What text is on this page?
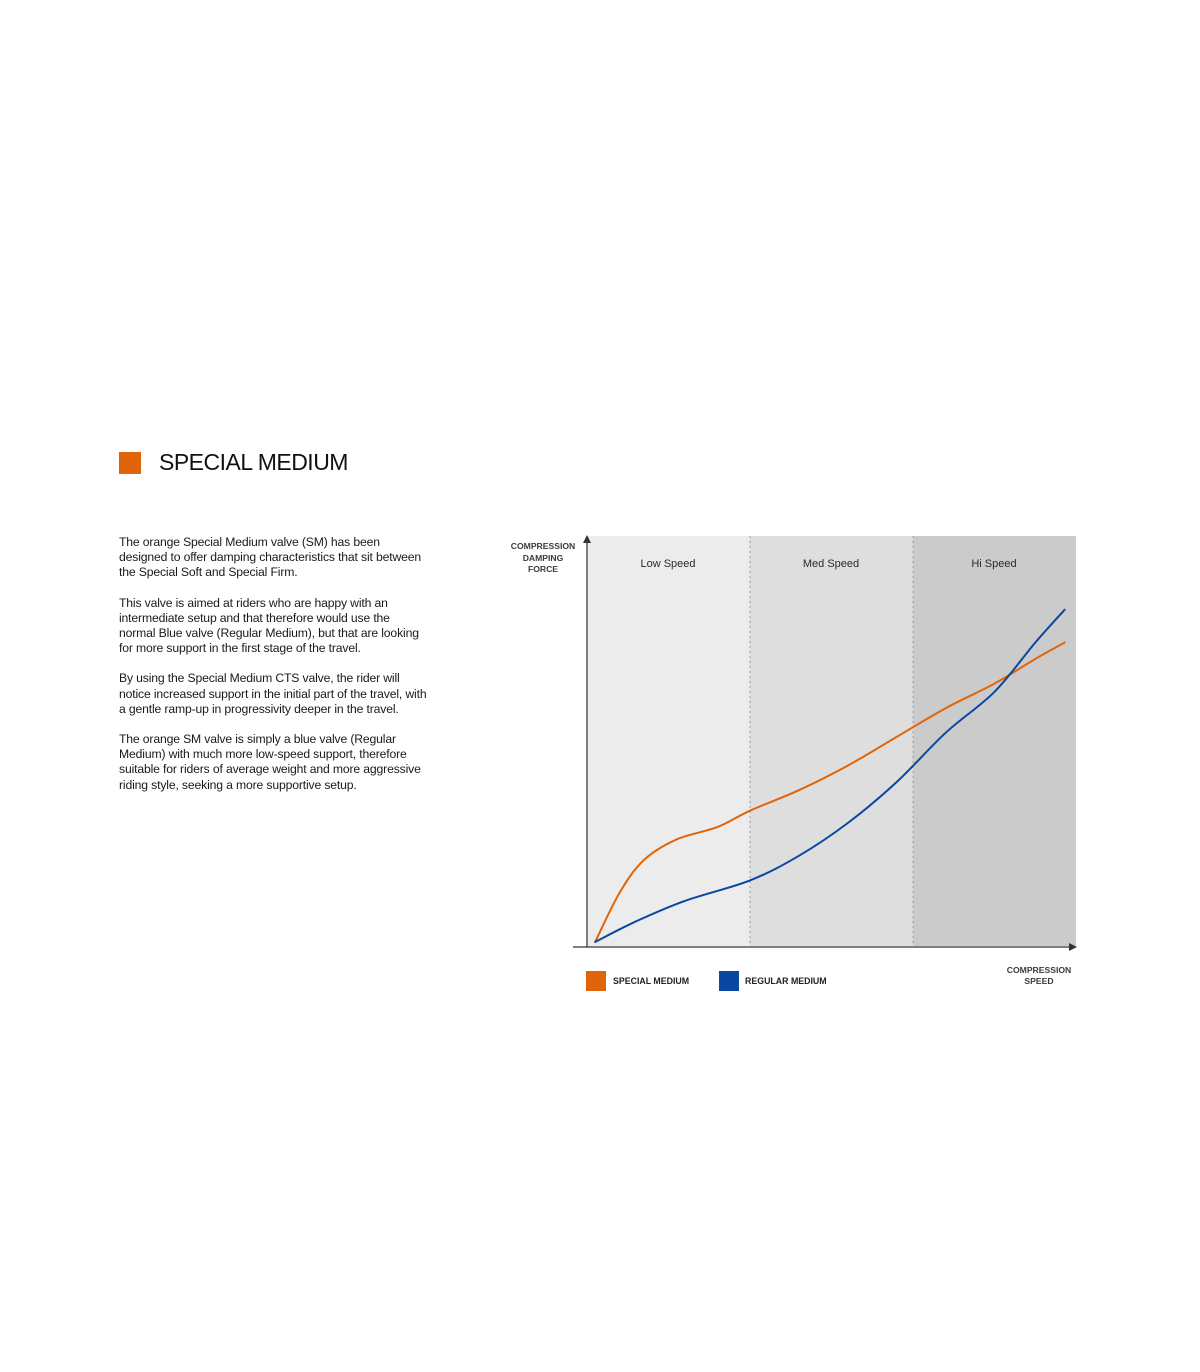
SPECIAL MEDIUM

The orange Special Medium valve (SM) has been designed to offer damping characteristics that sit between the Special Soft and Special Firm.

This valve is aimed at riders who are happy with an intermediate setup and that therefore would use the normal Blue valve (Regular Medium), but that are looking for more support in the first stage of the travel.

By using the Special Medium CTS valve, the rider will notice increased support in the initial part of the travel, with a gentle ramp-up in progressivity deeper in the travel.

The orange SM valve is simply a blue valve (Regular Medium) with much more low-speed support, therefore suitable for riders of average weight and more aggressive riding style, seeking a more supportive setup.

COMPRESSION
DAMPING
FORCE
COMPRESSION
SPEED
Low Speed	Med Speed	Hi Speed
SPECIAL MEDIUM	REGULAR MEDIUM
